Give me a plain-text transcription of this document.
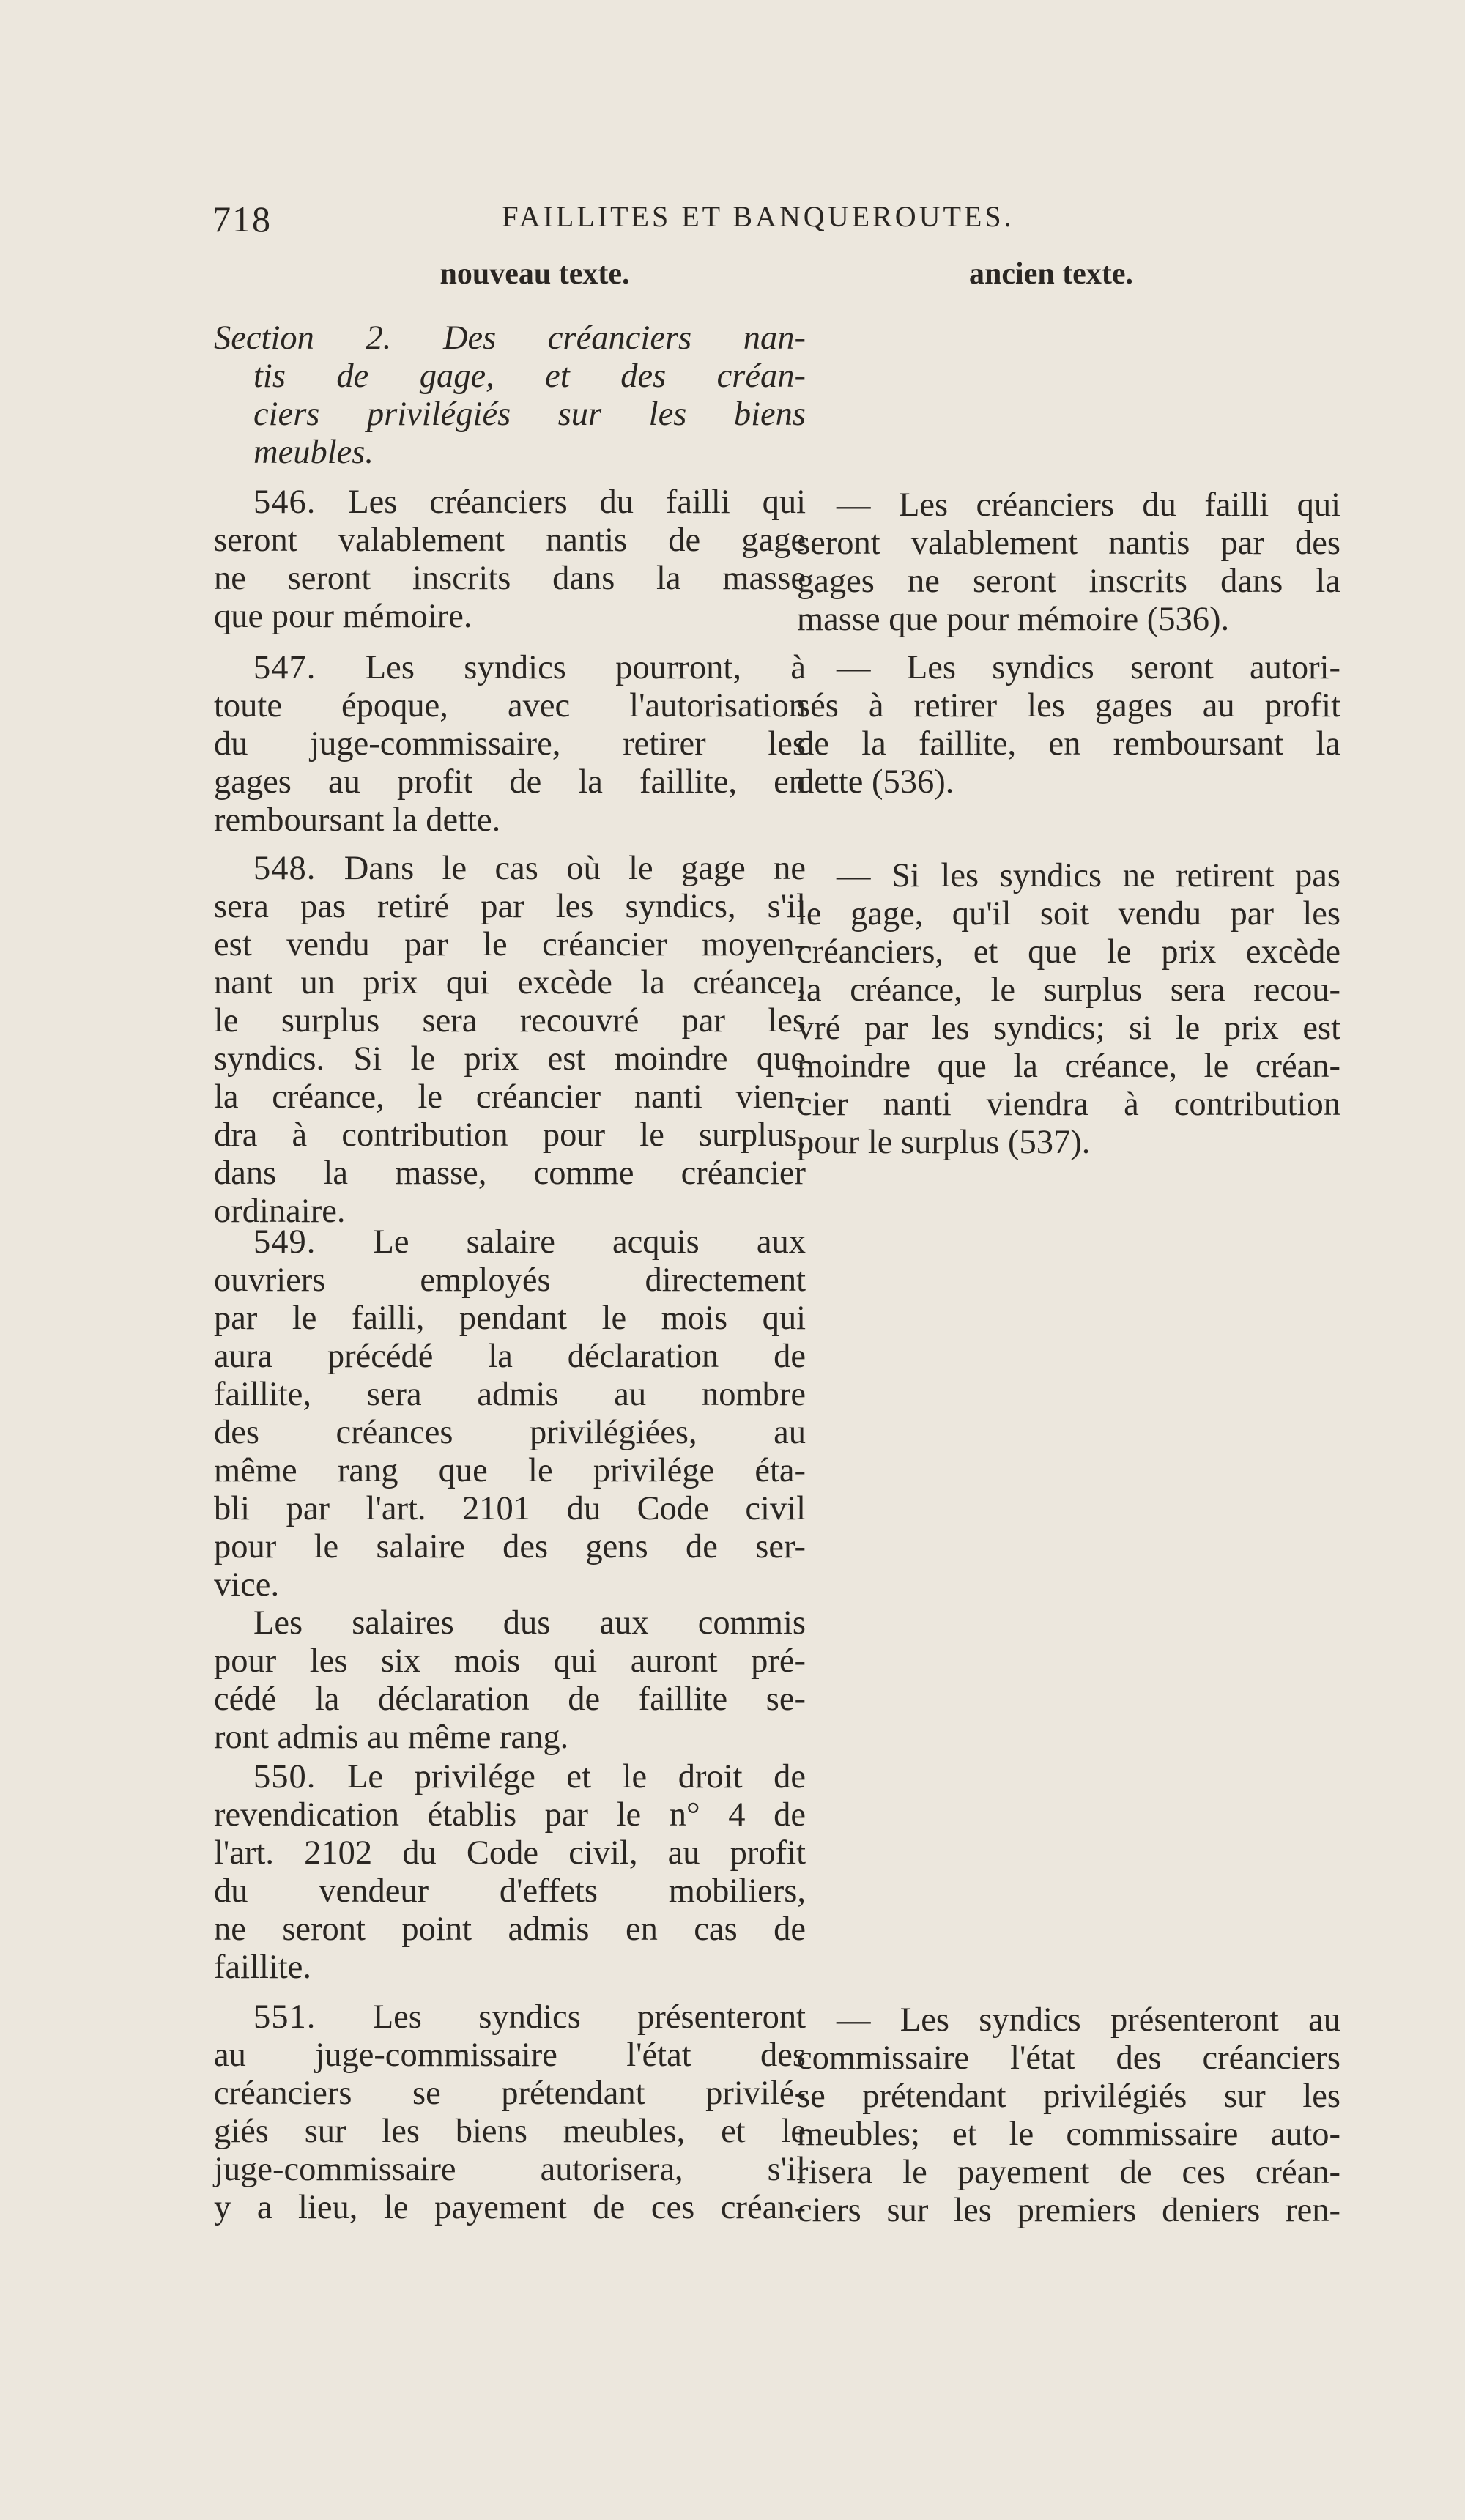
718	FAILLITES ET BANQUEROUTES.
nouveau texte.	ancien texte.
Section 2. Des créanciers nan-
tis de gage, et des créan-
ciers privilégiés sur les biens
meubles.
546. Les créanciers du failli qui
seront valablement nantis de gage
ne seront inscrits dans la masse
que pour mémoire.
547. Les syndics pourront, à
toute époque, avec l'autorisation
du juge-commissaire, retirer les
gages au profit de la faillite, en
remboursant la dette.
548. Dans le cas où le gage ne
sera pas retiré par les syndics, s'il
est vendu par le créancier moyen-
nant un prix qui excède la créance,
le surplus sera recouvré par les
syndics. Si le prix est moindre que
la créance, le créancier nanti vien-
dra à contribution pour le surplus,
dans la masse, comme créancier
ordinaire.
549. Le salaire acquis aux
ouvriers employés directement
par le failli, pendant le mois qui
aura précédé la déclaration de
faillite, sera admis au nombre
des créances privilégiées, au
même rang que le privilége éta-
bli par l'art. 2101 du Code civil
pour le salaire des gens de ser-
vice.
Les salaires dus aux commis
pour les six mois qui auront pré-
cédé la déclaration de faillite se-
ront admis au même rang.
550. Le privilége et le droit de
revendication établis par le n° 4 de
l'art. 2102 du Code civil, au profit
du vendeur d'effets mobiliers,
ne seront point admis en cas de
faillite.
551. Les syndics présenteront
au juge-commissaire l'état des
créanciers se prétendant privilé-
giés sur les biens meubles, et le
juge-commissaire autorisera, s'il
y a lieu, le payement de ces créan-
— Les créanciers du failli qui
seront valablement nantis par des
gages ne seront inscrits dans la
masse que pour mémoire (536).
— Les syndics seront autori-
sés à retirer les gages au profit
de la faillite, en remboursant la
dette (536).
— Si les syndics ne retirent pas
le gage, qu'il soit vendu par les
créanciers, et que le prix excède
la créance, le surplus sera recou-
vré par les syndics; si le prix est
moindre que la créance, le créan-
cier nanti viendra à contribution
pour le surplus (537).
— Les syndics présenteront au
commissaire l'état des créanciers
se prétendant privilégiés sur les
meubles; et le commissaire auto-
risera le payement de ces créan-
ciers sur les premiers deniers ren-
